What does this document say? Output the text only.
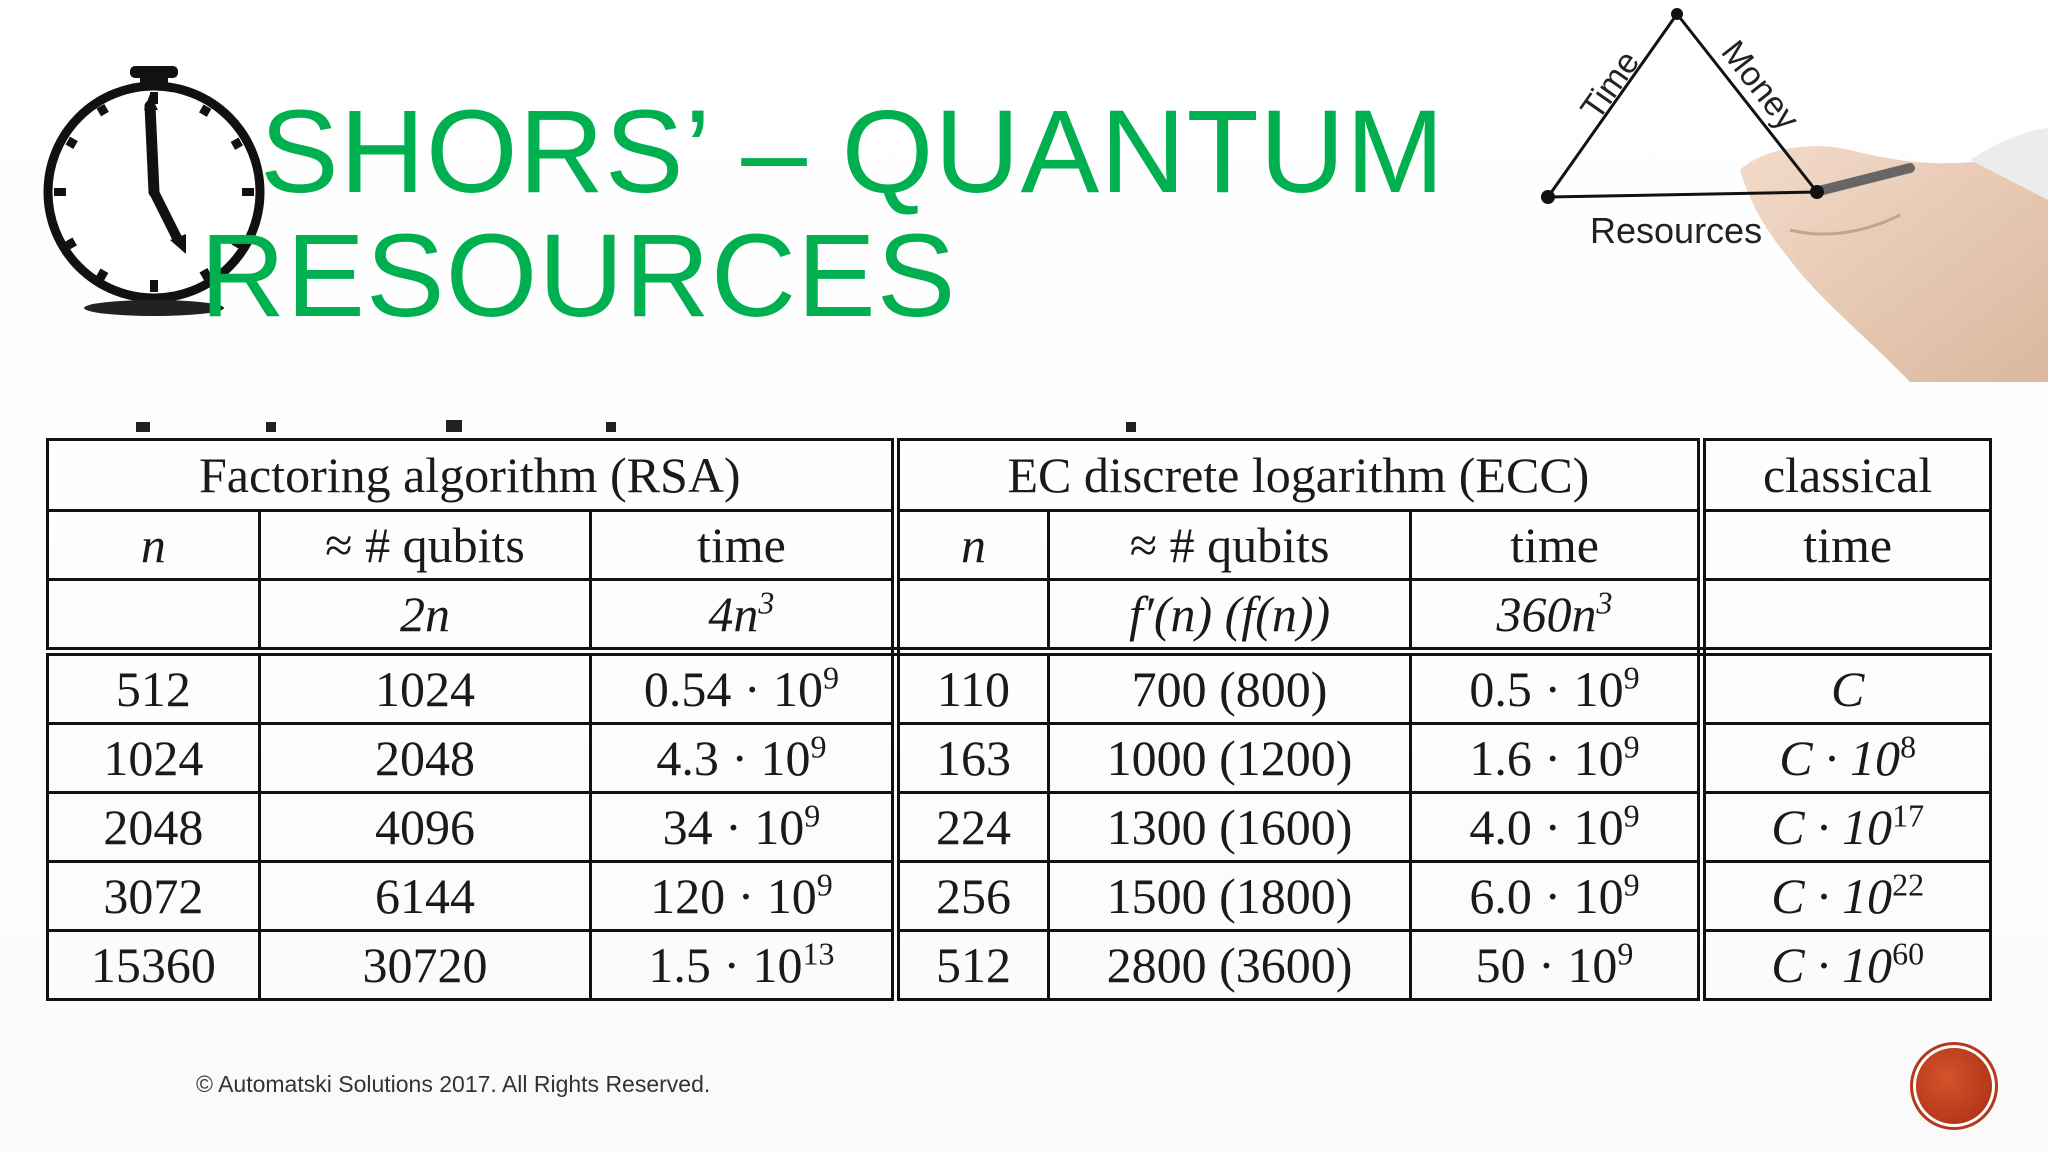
SHORS’ – QUANTUM
RESOURCES
Time Money
Resources
Factoring algorithm (RSA)			EC discrete logarithm (ECC)			classical
n	≈ # qubits	time	n	≈ # qubits	time	time
	2n	$4n^3$		f′(n) (f(n))	$360n^3$	
512	1024	$0.54 \cdot 10^9$	110	700 (800)	$0.5 \cdot 10^9$	C
1024	2048	$4.3 \cdot 10^9$	163	1000 (1200)	$1.6 \cdot 10^9$	$C \cdot 10^8$
2048	4096	$34 \cdot 10^9$	224	1300 (1600)	$4.0 \cdot 10^9$	$C \cdot 10^{17}$
3072	6144	$120 \cdot 10^9$	256	1500 (1800)	$6.0 \cdot 10^9$	$C \cdot 10^{22}$
15360	30720	$1.5 \cdot 10^{13}$	512	2800 (3600)	$50 \cdot 10^9$	$C \cdot 10^{60}$
© Automatski Solutions 2017. All Rights Reserved.
